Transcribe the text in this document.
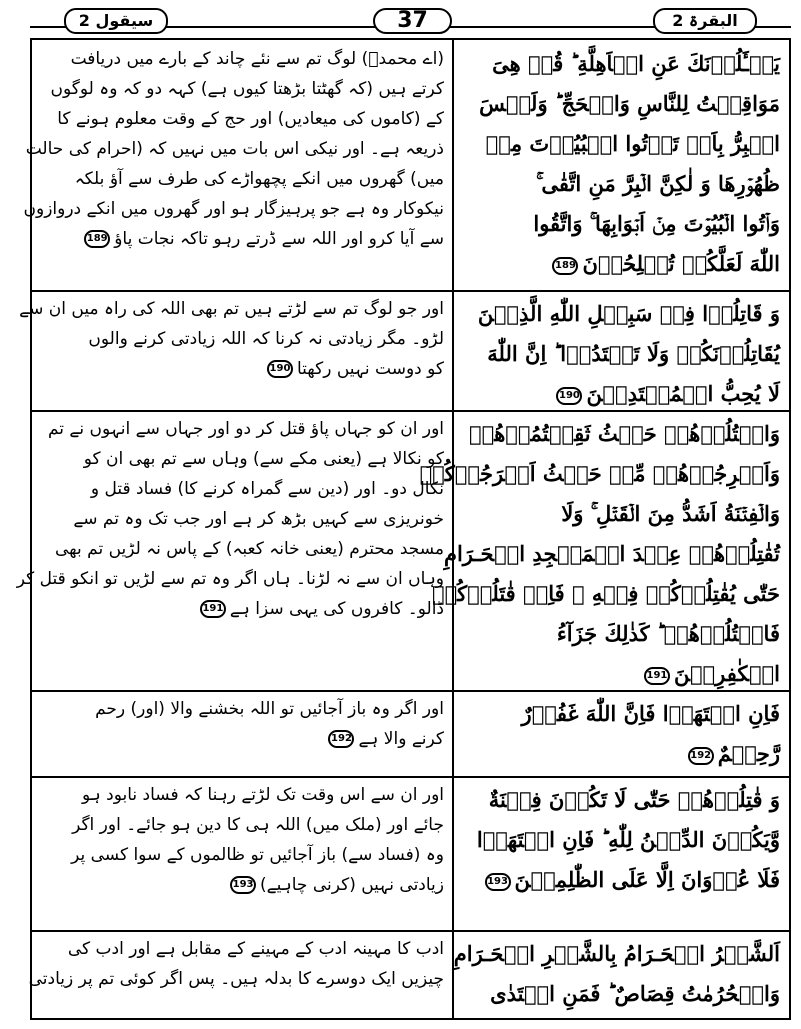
سیقول 2	37	البقرۃ 2
(اے محمدؐ) لوگ تم سے نئے چاند کے بارے میں دریافت
کرتے ہیں (کہ گھٹتا بڑھتا کیوں ہے) کہہ دو کہ وہ لوگوں
کے (کاموں کی میعادیں) اور حج کے وقت معلوم ہونے کا
ذریعہ ہے۔ اور نیکی اس بات میں نہیں کہ (احرام کی حالت
میں) گھروں میں انکے پچھواڑے کی طرف سے آؤ بلکہ
نیکوکار وہ ہے جو پرہیزگار ہو اور گھروں میں انکے دروازوں
سے آیا کرو اور اللہ سے ڈرتے رہو تاکہ نجات پاؤ189
يَسۡـَٔلُوۡنَكَ عَنِ الۡاَهِلَّةِ ؕ قُلۡ هِىَ
مَوَاقِيۡتُ لِلنَّاسِ وَالۡحَجِّ ؕ وَلَيۡسَ
الۡبِرُّ بِاَنۡ تَاۡتُوا الۡبُيُوۡتَ مِنۡ
ظُهُوۡرِهَا وَ لٰكِنَّ الۡبِرَّ مَنِ اتَّقٰى ۚ
وَاۡتُوا الۡبُيُوۡتَ مِنۡ اَبۡوَابِهَا ۚ وَاتَّقُوا
اللّٰهَ لَعَلَّكُمۡ تُفۡلِحُوۡنَ189
اور جو لوگ تم سے لڑتے ہیں تم بھی اللہ کی راہ میں ان سے
لڑو۔ مگر زیادتی نہ کرنا کہ اللہ زیادتی کرنے والوں
کو دوست نہیں رکھتا190
وَ قَاتِلُوۡا فِىۡ سَبِيۡلِ اللّٰهِ الَّذِيۡنَ
يُقَاتِلُوۡنَكُمۡ وَلَا تَعۡتَدُوۡا ؕ اِنَّ اللّٰهَ
لَا يُحِبُّ الۡمُعۡتَدِيۡنَ190
اور ان کو جہاں پاؤ قتل کر دو اور جہاں سے انہوں نے تم
کو نکالا ہے (یعنی مکے سے) وہاں سے تم بھی ان کو
نکال دو۔ اور (دین سے گمراہ کرنے کا) فساد قتل و
خونریزی سے کہیں بڑھ کر ہے اور جب تک وہ تم سے
مسجد محترم (یعنی خانہ کعبہ) کے پاس نہ لڑیں تم بھی
وہاں ان سے نہ لڑنا۔ ہاں اگر وہ تم سے لڑیں تو انکو قتل کر
ڈالو۔ کافروں کی یہی سزا ہے191
وَاقۡتُلُوۡهُمۡ حَيۡثُ ثَقِفۡتُمُوۡهُمۡ
وَاَخۡرِجُوۡهُمۡ مِّنۡ حَيۡثُ اَخۡرَجُوۡكُمۡ
وَالۡفِتۡنَةُ اَشَدُّ مِنَ الۡقَتۡلِ ۚ وَلَا
تُقٰتِلُوۡهُمۡ عِنۡدَ الۡمَسۡجِدِ الۡحَـرَامِ
حَتّٰى يُقٰتِلُوۡكُمۡ فِيۡهِ ۚ فَاِنۡ قٰتَلُوۡكُمۡ
فَاقۡتُلُوۡهُمۡ ؕ كَذٰلِكَ جَزَآءُ
الۡكٰفِرِيۡنَ191
اور اگر وہ باز آجائیں تو اللہ بخشنے والا (اور) رحم
کرنے والا ہے192
فَاِنِ انۡتَهَوۡا فَاِنَّ اللّٰهَ غَفُوۡرٌ
رَّحِيۡمٌ192
اور ان سے اس وقت تک لڑتے رہنا کہ فساد نابود ہو
جائے اور (ملک میں) اللہ ہی کا دین ہو جائے۔ اور اگر
وہ (فساد سے) باز آجائیں تو ظالموں کے سوا کسی پر
زیادتی نہیں (کرنی چاہیے)193
وَ قٰتِلُوۡهُمۡ حَتّٰى لَا تَكُوۡنَ فِتۡنَةٌ
وَّيَكُوۡنَ الدِّيۡنُ لِلّٰهِ ؕ فَاِنِ انۡتَهَوۡا
فَلَا عُدۡوَانَ اِلَّا عَلَى الظّٰلِمِيۡنَ193
ادب کا مہینہ ادب کے مہینے کے مقابل ہے اور ادب کی
چیزیں ایک دوسرے کا بدلہ ہیں۔ پس اگر کوئی تم پر زیادتی
اَلشَّهۡرُ الۡحَـرَامُ بِالشَّهۡرِ الۡحَـرَامِ
وَالۡحُرُمٰتُ قِصَاصٌ ؕ فَمَنِ اعۡتَدٰى
